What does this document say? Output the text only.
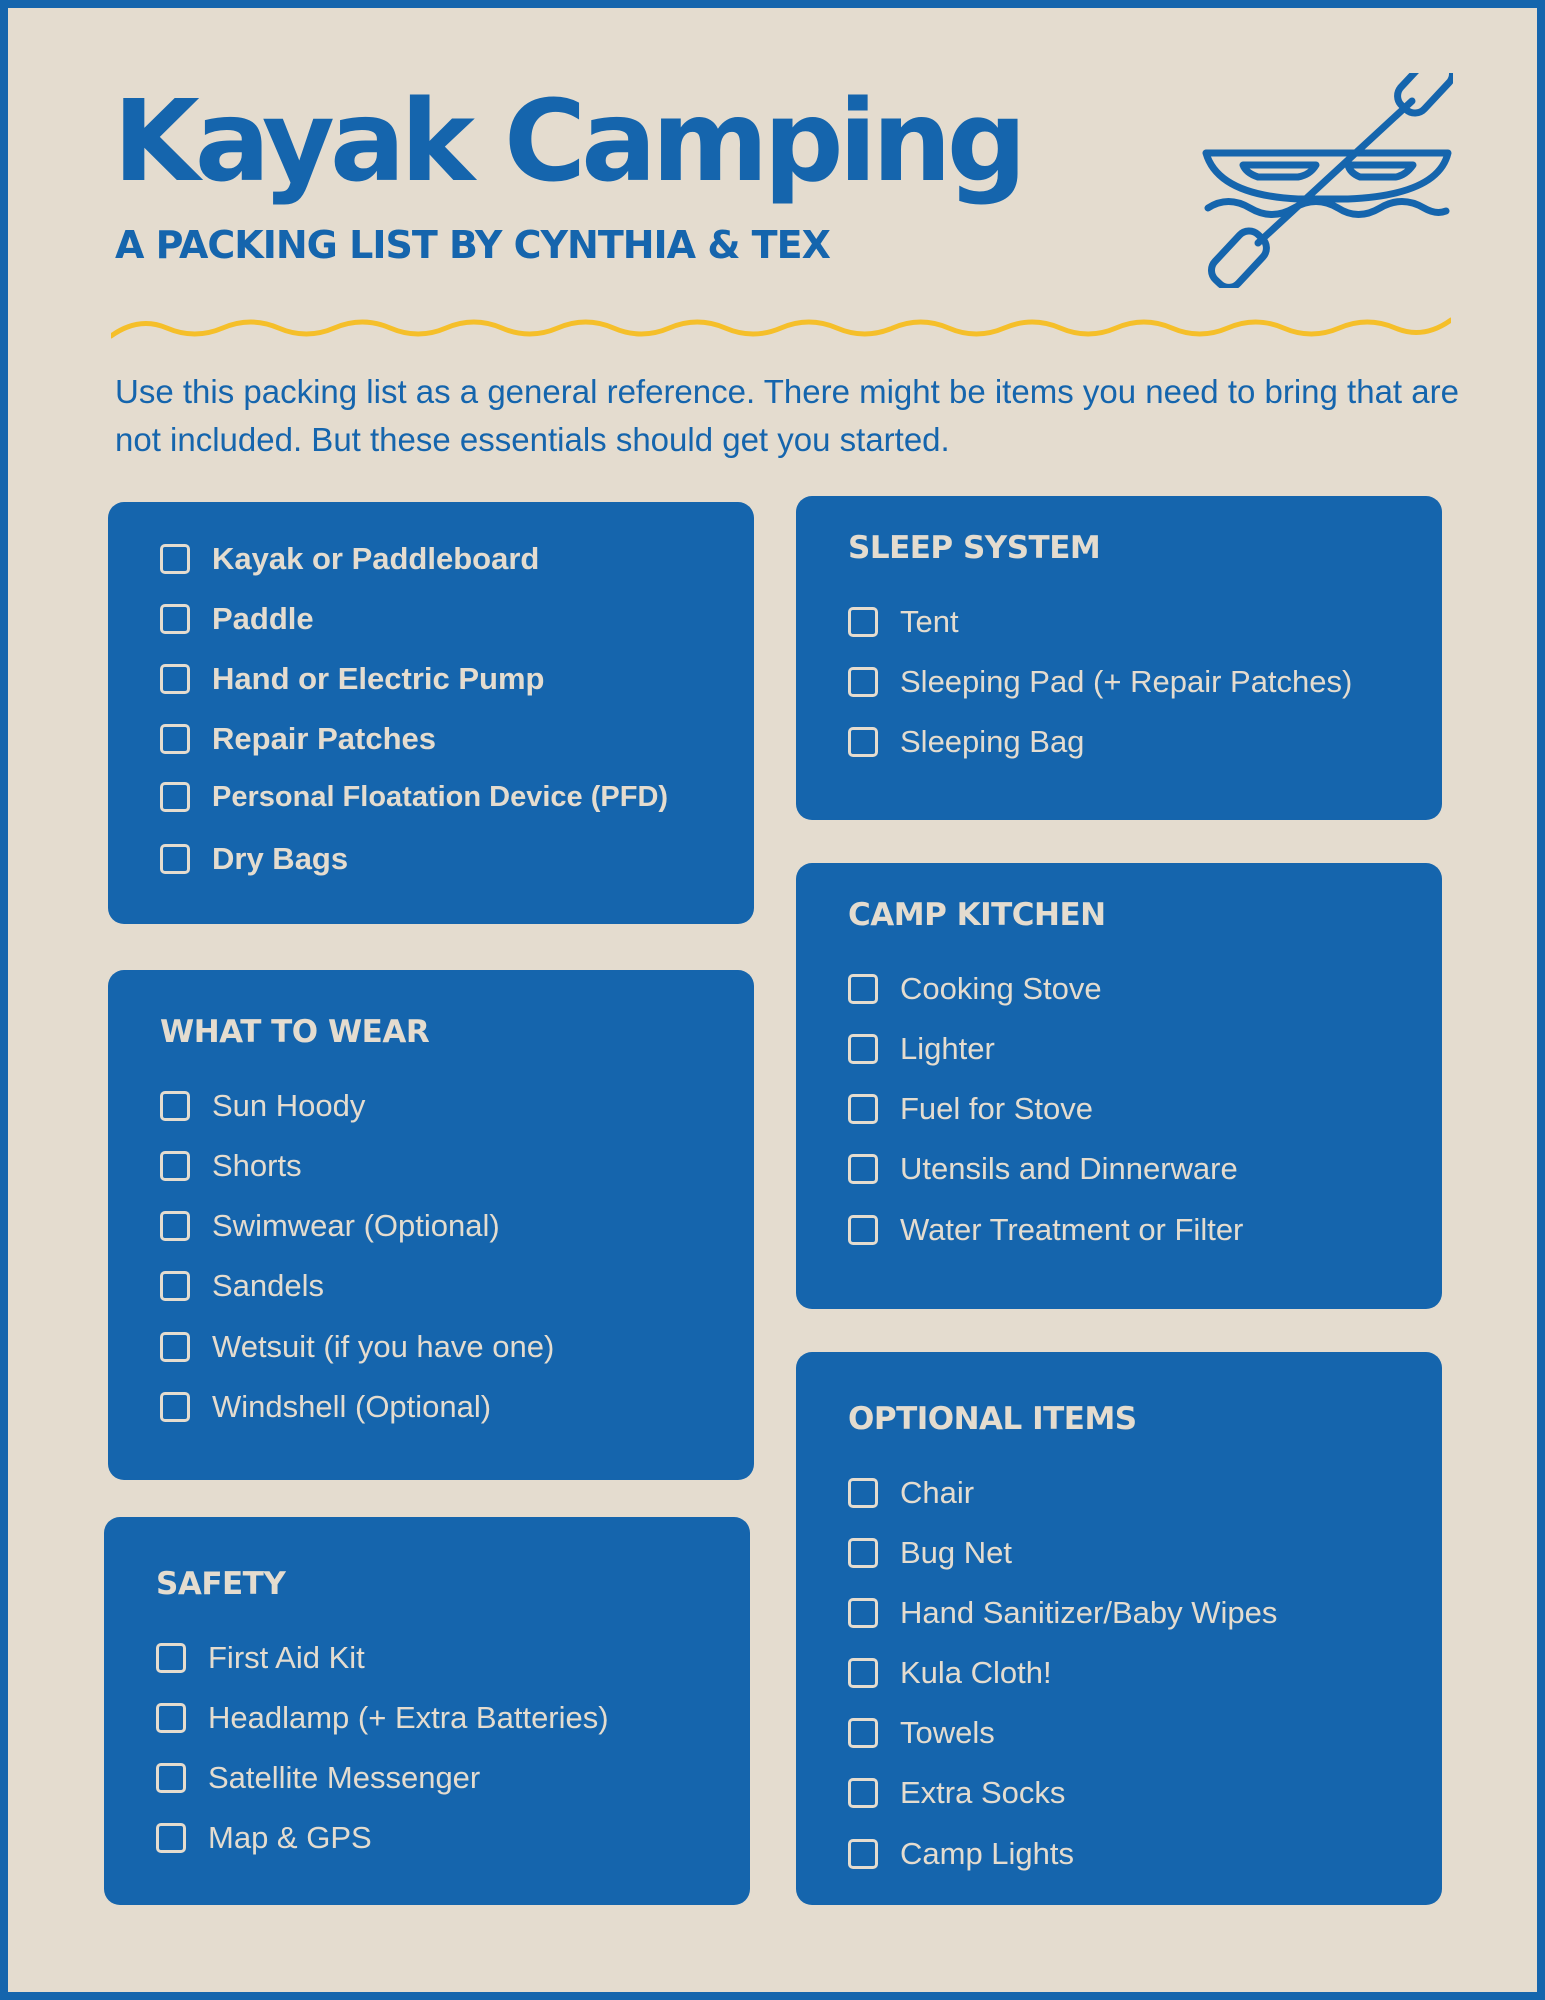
Kayak Camping
A PACKING LIST BY CYNTHIA & TEX

Use this packing list as a general reference. There might be items you need to bring that are not included. But these essentials should get you started.

Kayak or Paddleboard
Paddle
Hand or Electric Pump
Repair Patches
Personal Floatation Device (PFD)
Dry Bags
SLEEP SYSTEM
Tent
Sleeping Pad (+ Repair Patches)
Sleeping Bag
CAMP KITCHEN
Cooking Stove
Lighter
Fuel for Stove
Utensils and Dinnerware
Water Treatment or Filter
WHAT TO WEAR
Sun Hoody
Shorts
Swimwear (Optional)
Sandels
Wetsuit (if you have one)
Windshell (Optional)
SAFETY
First Aid Kit
Headlamp (+ Extra Batteries)
Satellite Messenger
Map & GPS
OPTIONAL ITEMS
Chair
Bug Net
Hand Sanitizer/Baby Wipes
Kula Cloth!
Towels
Extra Socks
Camp Lights
